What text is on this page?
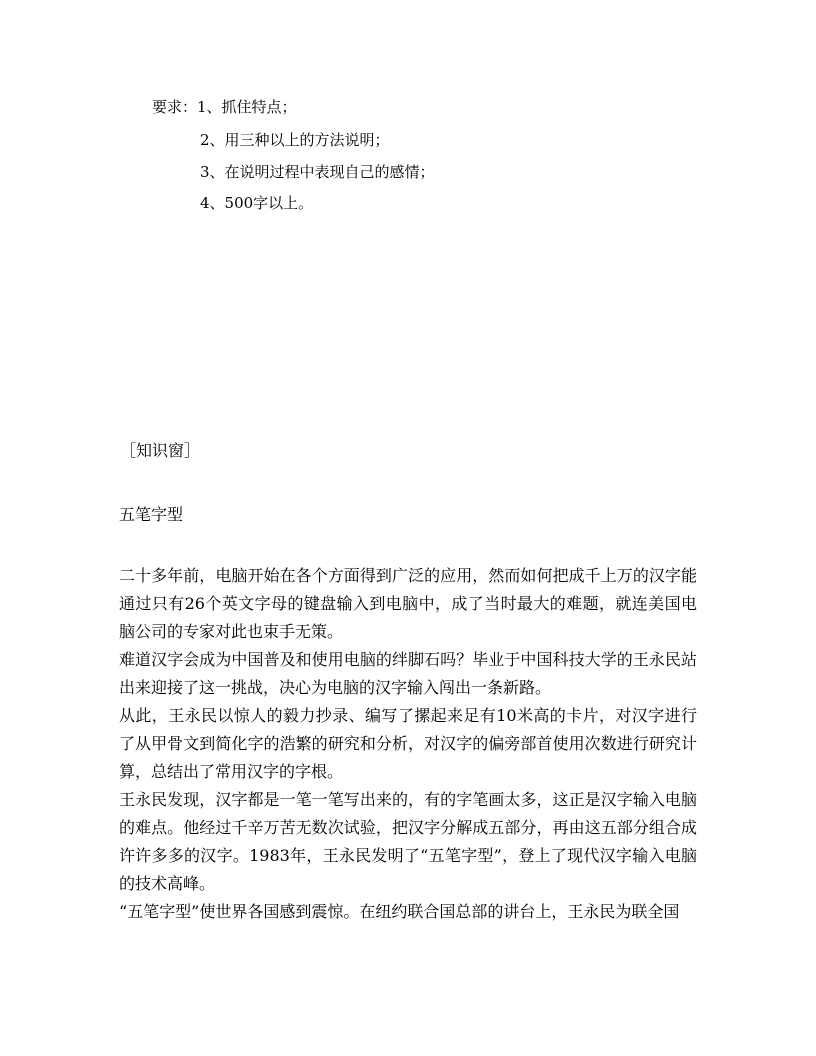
要求：1、抓住特点；
2、用三种以上的方法说明；
3、在说明过程中表现自己的感情；
4、500字以上。
［知识窗］
五笔字型

二十多年前，电脑开始在各个方面得到广泛的应用，然而如何把成千上万的汉字能通过只有26个英文字母的键盘输入到电脑中，成了当时最大的难题，就连美国电脑公司的专家对此也束手无策。

难道汉字会成为中国普及和使用电脑的绊脚石吗？毕业于中国科技大学的王永民站出来迎接了这一挑战，决心为电脑的汉字输入闯出一条新路。

从此，王永民以惊人的毅力抄录、编写了摞起来足有10米高的卡片，对汉字进行了从甲骨文到简化字的浩繁的研究和分析，对汉字的偏旁部首使用次数进行研究计算，总结出了常用汉字的字根。

王永民发现，汉字都是一笔一笔写出来的，有的字笔画太多，这正是汉字输入电脑的难点。他经过千辛万苦无数次试验，把汉字分解成五部分，再由这五部分组合成许许多多的汉字。1983年，王永民发明了“五笔字型”，登上了现代汉字输入电脑的技术高峰。

“五笔字型”使世界各国感到震惊。在纽约联合国总部的讲台上，王永民为联全国
